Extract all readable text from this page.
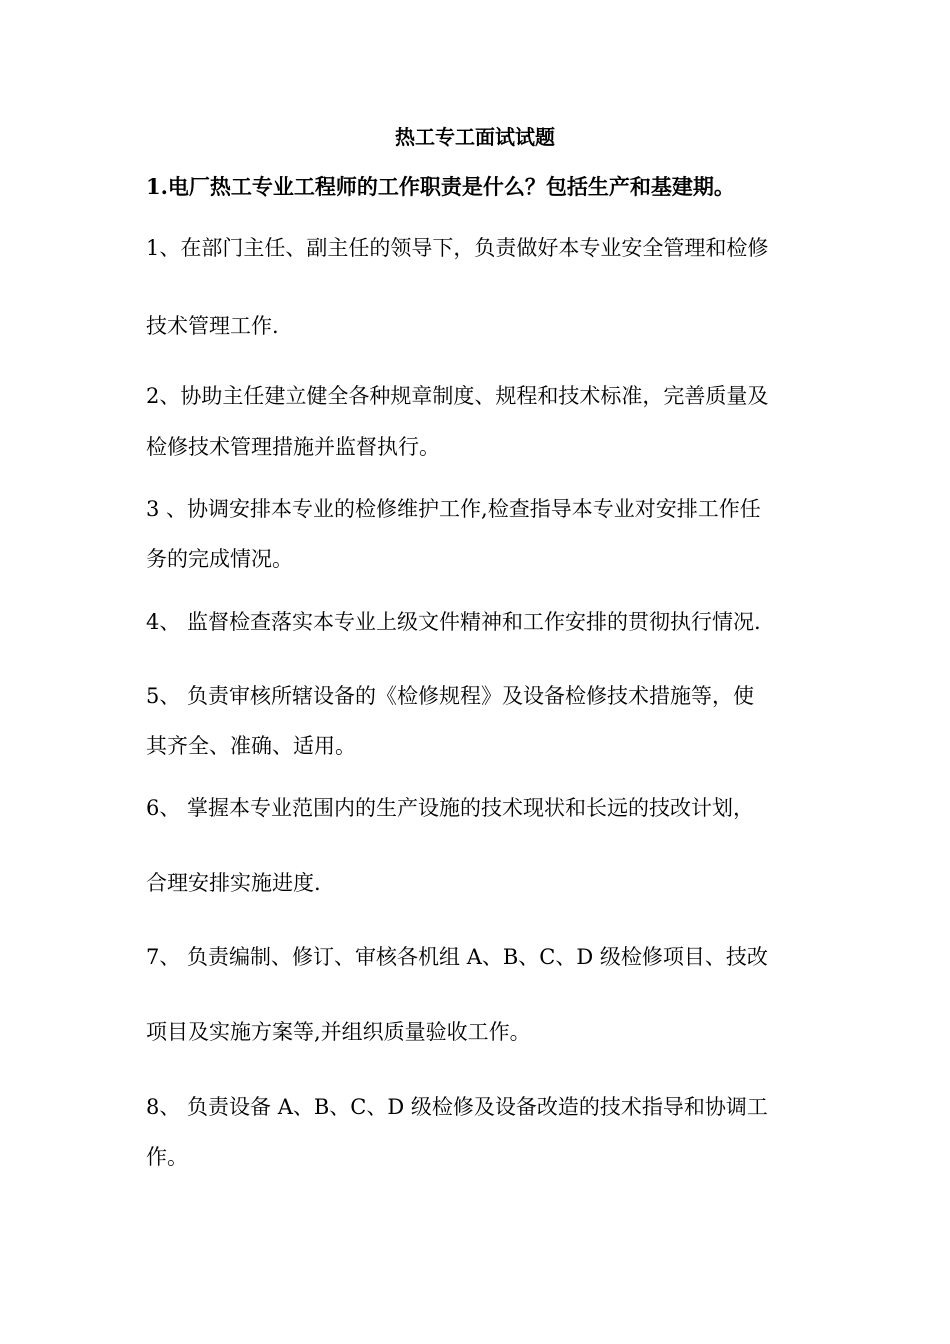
热工专工面试试题
1.电厂热工专业工程师的工作职责是什么？包括生产和基建期。
1、在部门主任、副主任的领导下，负责做好本专业安全管理和检修
技术管理工作.
2、协助主任建立健全各种规章制度、规程和技术标准，完善质量及
检修技术管理措施并监督执行。
3 、协调安排本专业的检修维护工作,检查指导本专业对安排工作任
务的完成情况。
4、 监督检查落实本专业上级文件精神和工作安排的贯彻执行情况.
5、 负责审核所辖设备的《检修规程》及设备检修技术措施等，使
其齐全、准确、适用。
6、 掌握本专业范围内的生产设施的技术现状和长远的技改计划，
合理安排实施进度.
7、 负责编制、修订、审核各机组 A、B、C、D 级检修项目、技改
项目及实施方案等,并组织质量验收工作。
8、 负责设备 A、B、C、D 级检修及设备改造的技术指导和协调工
作。
